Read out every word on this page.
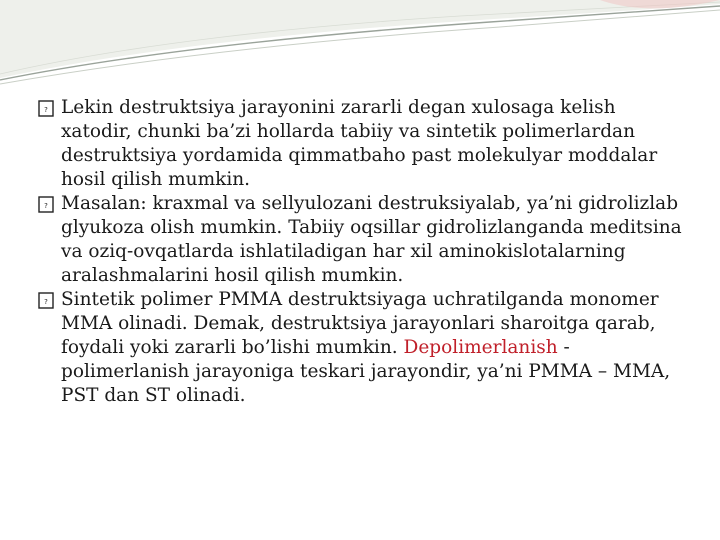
? Lekin destruktsiya jarayonini zararli degan xulosaga kelish xatodir, chunki ba’zi hollarda tabiiy va sintetik polimerlardan destruktsiya yordamida qimmatbaho past molekulyar moddalar hosil qilish mumkin.

? Masalan: kraxmal va sellyulozani destruksiyalab, ya’ni gidrolizlab glyukoza olish mumkin. Tabiiy oqsillar gidrolizlanganda meditsina va oziq-ovqatlarda ishlatiladigan har xil aminokislotalarning aralashmalarini hosil qilish mumkin.

? Sintetik polimer PMMA destruktsiyaga uchratilganda monomer MMA olinadi. Demak, destruktsiya jarayonlari sharoitga qarab, foydali yoki zararli bo’lishi mumkin. Depolimerlanish - polimerlanish jarayoniga teskari jarayondir, ya’ni PMMA – MMA, PST dan ST olinadi.
